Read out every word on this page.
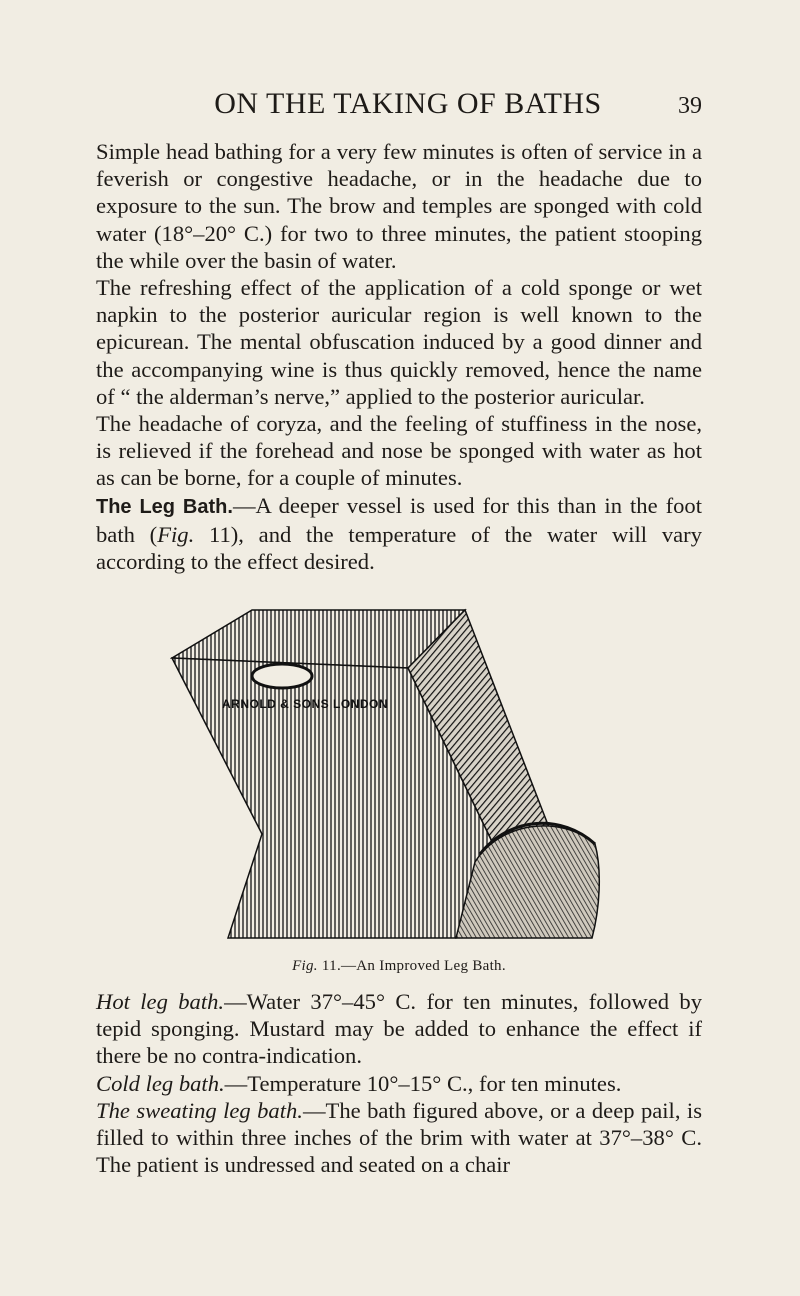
ON THE TAKING OF BATHS	39

Simple head bathing for a very few minutes is often of service in a feverish or congestive headache, or in the headache due to exposure to the sun. The brow and temples are sponged with cold water (18°–20° C.) for two to three minutes, the patient stooping the while over the basin of water.

The refreshing effect of the application of a cold sponge or wet napkin to the posterior auricular region is well known to the epicurean. The mental obfuscation induced by a good dinner and the accompanying wine is thus quickly removed, hence the name of “ the alderman’s nerve,” applied to the posterior auricular.

The headache of coryza, and the feeling of stuffiness in the nose, is relieved if the forehead and nose be sponged with water as hot as can be borne, for a couple of minutes.

The Leg Bath.—A deeper vessel is used for this than in the foot bath (Fig. 11), and the temperature of the water will vary according to the effect desired.

ARNOLD & SONS LONDON
Fig. 11.—An Improved Leg Bath.

Hot leg bath.—Water 37°–45° C. for ten minutes, followed by tepid sponging. Mustard may be added to enhance the effect if there be no contra-indication.

Cold leg bath.—Temperature 10°–15° C., for ten minutes.

The sweating leg bath.—The bath figured above, or a deep pail, is filled to within three inches of the brim with water at 37°–38° C. The patient is undressed and seated on a chair
